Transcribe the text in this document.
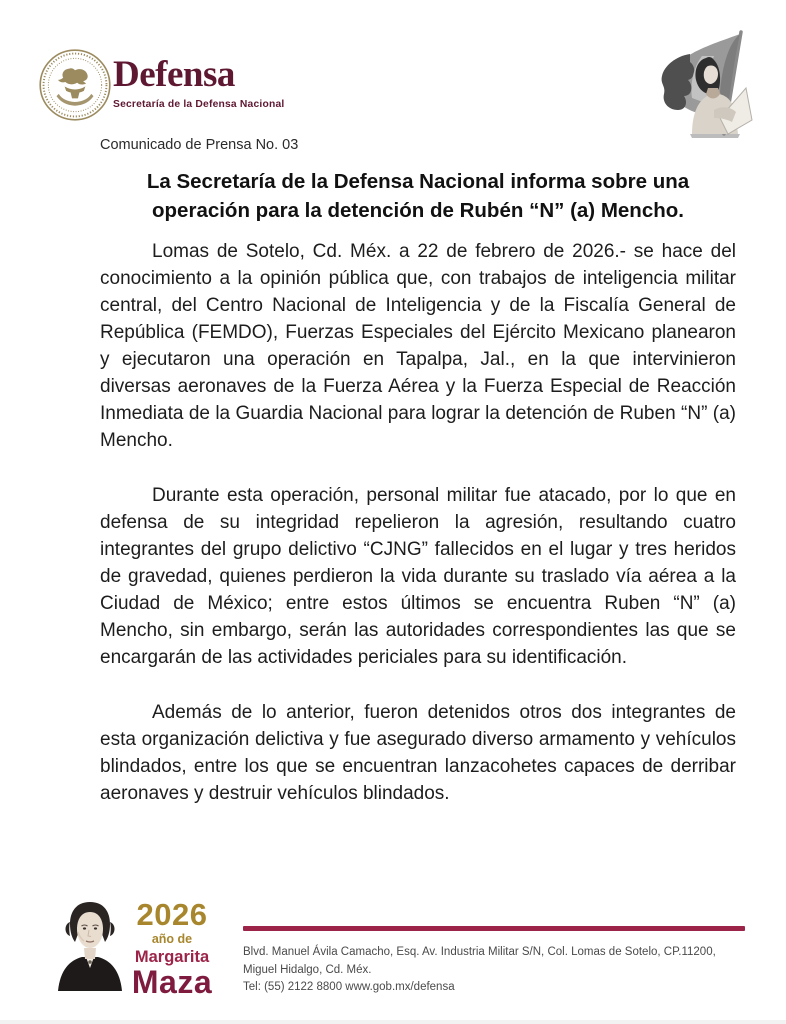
Defensa
Secretaría de la Defensa Nacional
Comunicado de Prensa No. 03
La Secretaría de la Defensa Nacional informa sobre una
operación para la detención de Rubén “N” (a) Mencho.

Lomas de Sotelo, Cd. Méx. a 22 de febrero de 2026.- se hace del conocimiento a la opinión pública que, con trabajos de inteligencia militar central, del Centro Nacional de Inteligencia y de la Fiscalía General de República (FEMDO), Fuerzas Especiales del Ejército Mexicano planearon y ejecutaron una operación en Tapalpa, Jal., en la que intervinieron diversas aeronaves de la Fuerza Aérea y la Fuerza Especial de Reacción Inmediata de la Guardia Nacional para lograr la detención de Ruben “N” (a) Mencho.

Durante esta operación, personal militar fue atacado, por lo que en defensa de su integridad repelieron la agresión, resultando cuatro integrantes del grupo delictivo “CJNG” fallecidos en el lugar y tres heridos de gravedad, quienes perdieron la vida durante su traslado vía aérea a la Ciudad de México; entre estos últimos se encuentra Ruben “N” (a) Mencho, sin embargo, serán las autoridades correspondientes las que se encargarán de las actividades periciales para su identificación.

Además de lo anterior, fueron detenidos otros dos integrantes de esta organización delictiva y fue asegurado diverso armamento y vehículos blindados, entre los que se encuentran lanzacohetes capaces de derribar aeronaves y destruir vehículos blindados.

2026
año de
Margarita
Maza
Blvd. Manuel Ávila Camacho, Esq. Av. Industria Militar S/N, Col. Lomas de Sotelo, CP.11200, Miguel Hidalgo, Cd. Méx.
Tel: (55) 2122 8800 www.gob.mx/defensa
